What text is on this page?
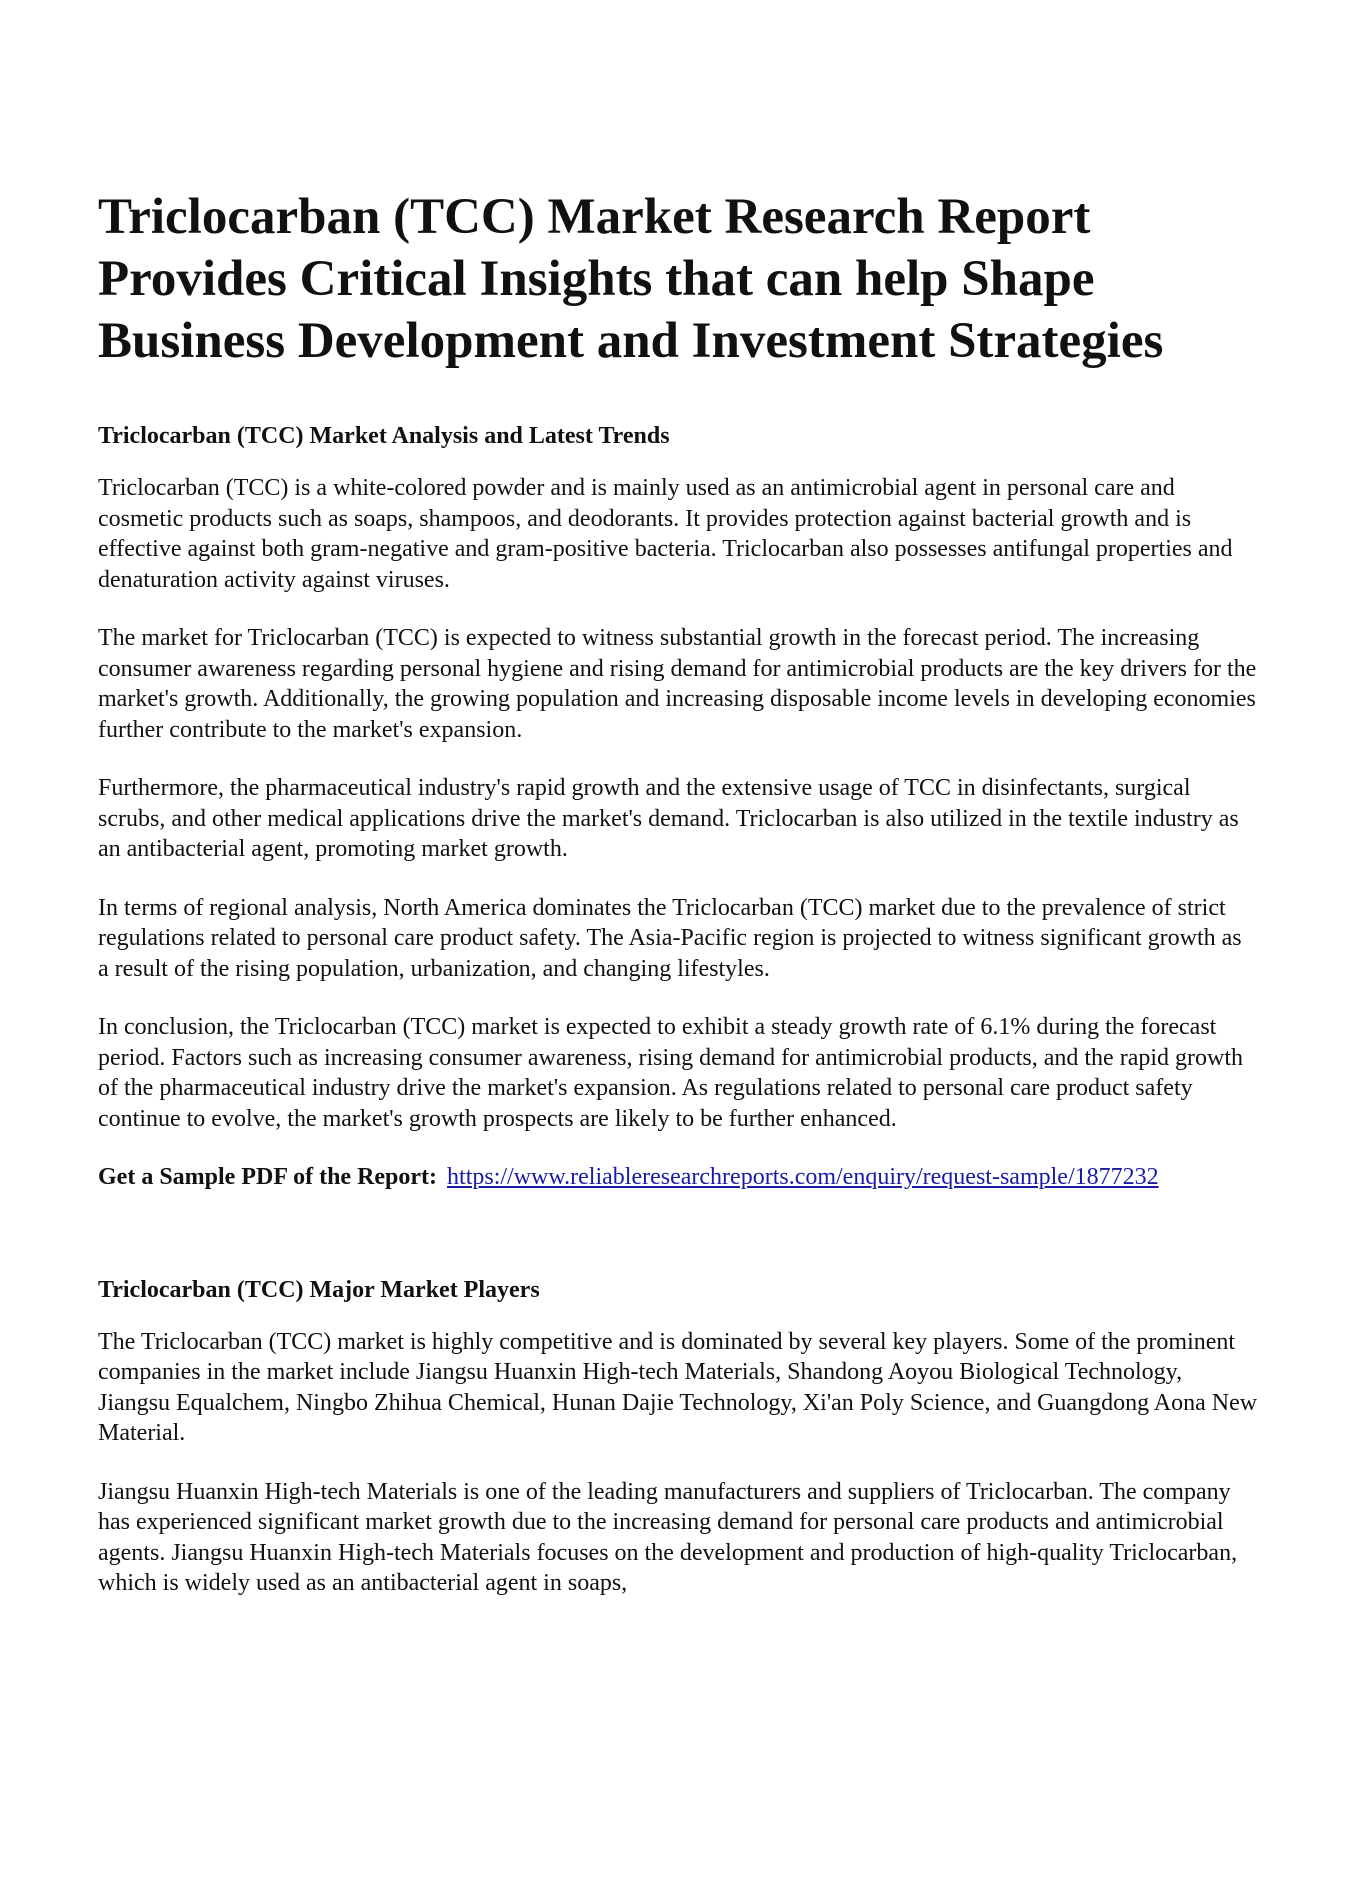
Triclocarban (TCC) Market Research Report Provides Critical Insights that can help Shape Business Development and Investment Strategies
Triclocarban (TCC) Market Analysis and Latest Trends

Triclocarban (TCC) is a white-colored powder and is mainly used as an antimicrobial agent in personal care and cosmetic products such as soaps, shampoos, and deodorants. It provides protection against bacterial growth and is effective against both gram-negative and gram-positive bacteria. Triclocarban also possesses antifungal properties and denaturation activity against viruses.

The market for Triclocarban (TCC) is expected to witness substantial growth in the forecast period. The increasing consumer awareness regarding personal hygiene and rising demand for antimicrobial products are the key drivers for the market's growth. Additionally, the growing population and increasing disposable income levels in developing economies further contribute to the market's expansion.

Furthermore, the pharmaceutical industry's rapid growth and the extensive usage of TCC in disinfectants, surgical scrubs, and other medical applications drive the market's demand. Triclocarban is also utilized in the textile industry as an antibacterial agent, promoting market growth.

In terms of regional analysis, North America dominates the Triclocarban (TCC) market due to the prevalence of strict regulations related to personal care product safety. The Asia-Pacific region is projected to witness significant growth as a result of the rising population, urbanization, and changing lifestyles.

In conclusion, the Triclocarban (TCC) market is expected to exhibit a steady growth rate of 6.1% during the forecast period. Factors such as increasing consumer awareness, rising demand for antimicrobial products, and the rapid growth of the pharmaceutical industry drive the market's expansion. As regulations related to personal care product safety continue to evolve, the market's growth prospects are likely to be further enhanced.

Get a Sample PDF of the Report: https://www.reliableresearchreports.com/enquiry/request-sample/1877232
Triclocarban (TCC) Major Market Players

The Triclocarban (TCC) market is highly competitive and is dominated by several key players. Some of the prominent companies in the market include Jiangsu Huanxin High-tech Materials, Shandong Aoyou Biological Technology, Jiangsu Equalchem, Ningbo Zhihua Chemical, Hunan Dajie Technology, Xi'an Poly Science, and Guangdong Aona New Material.

Jiangsu Huanxin High-tech Materials is one of the leading manufacturers and suppliers of Triclocarban. The company has experienced significant market growth due to the increasing demand for personal care products and antimicrobial agents. Jiangsu Huanxin High-tech Materials focuses on the development and production of high-quality Triclocarban, which is widely used as an antibacterial agent in soaps,
